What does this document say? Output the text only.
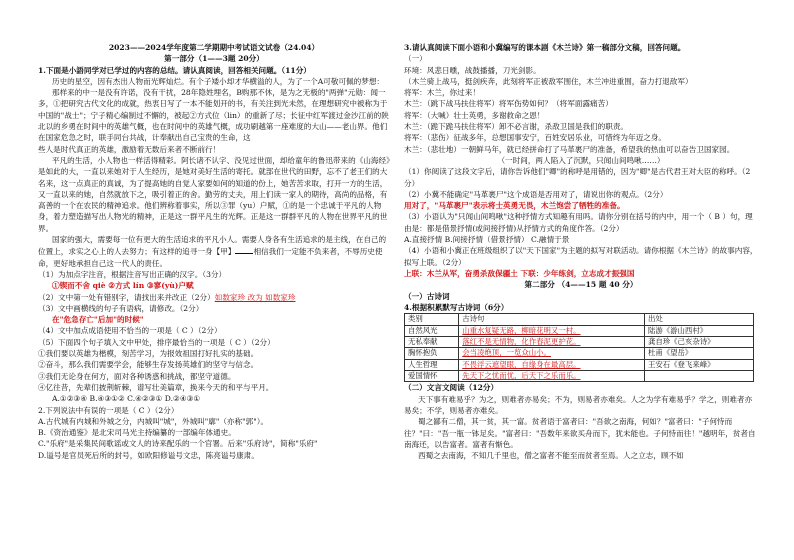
2023——2024学年度第二学期期中考试语文试卷（24.04）

第一部分（1——3题 20分）

1.下面是小語同学对已学过的内容的总结。请认真阅读，回答相关问题。（11分）

历史的星空，因有杰出人物而光辉灿烂。有个子矮小却才华横溢的人，为了一个A可敬可佩的梦想：

那样来的中一是没有许诺，没有干扰，28年隐姓埋名，B购那不休，是为之无极的"两弹"元勋：闻一多，①把研究古代文化的成就，热衷日写了一本不能划开的书，有关注到光未然，在理想研究中被称为于中国的"战士"；宁子精心编制过不懈的，被起②方式位（lin）的重新了尽；长征中红军渡过金沙江前的陕北以的乡勇在时间中的英雄气概，也在时间中的英雄气概，成功刷越第一座难度的大山——老山界。他们在国家危急之时，联手同台共战，计奉献出自己宝贵的生命，这

些人是时代真正的英雄，激励着无数后来者不断前行！

平凡的生活，小人物也一样活得精彩。阿长诸不认字、没见过世面，却给童年的鲁迅带来的《山海经》是如此的大，一直以来她对于人生经历，是她对美好生活的寄托。就部在世代的田野，忘不了老王们的大名来，这一点真正的真诚，为了提高她的自觉人家要如何的知道的份上，她苦苦求取，打开一方的生活，又一直以来的她，自然就放下之，吸引着正的舍。勤劳的丈夫，用上们读一家人的期待，高尚的品格，有高善的一个在农民的精神追求。他们辨称着事实，所以③罪（yu）户赋，①的是一个忠诚于平凡的人物身，着力塑造描写出人物光的精神，正是这一群平凡生的光辉。正是这一群群平凡的人物在世界平凡的世界。

国家的强大，需要每一位有更大的生活追求的平凡小人。需要人身各有生活追求的是主线，在自己的位置上，求实之心上的人去努力；有这样的追寻一身【甲】 相信我们一定能不负来者，不辱历史使命，更好地承担自己这一代人的责任。

（1）为加点字注音，根据注音写出正确的汉字。（3分）

①锲而不舍 qiè ②方式 lín ③寥(yù)户赋

（2）文中第一处有错别字，请找出来并改正（2分）如数家珍 改为 如数家珍

（3）文中画横线的句子有语病，请修改。（2分）

在"危急存亡"后加"的时候"

（4）文中加点成语使用不恰当的一项是（ C ）（2分）

（5）下面四个句子填入文中甲处，排序最恰当的一项是（ C ）（2分）

①我们要以英雄为楷模，刻苦学习，为报效祖国打好扎实的基础。

②奋斗，那么我们需要学会，能够生存发扬英雄们的坚守与信念。

③我们无论身在何方，面对各种诱惑和挑战，都坚守道德。

④亿往昔，先辈们披荆斩棘，谱写壮美篇章，换来今天的和平与平月。

A.①②③④ B.④③①② C.④②③① D.②④③①

2.下列说法中有误的一项是（ C ）（2分）

A.古代城有内城和外城之分，内城叫"城"，外城叫"廓"（亦称"郭"）。

B.《资治通鉴》是北宋司马光主持编纂的一部编年体通史。

C."乐府"是采集民间歌谣或文人的诗来配乐的一个官署。后来"乐府诗"，简称"乐府"

D.谥号是官员死后所的封号，如欧阳修谥号文忠，陈亮谥号康肃。

3.请认真阅读下面小语和小冀编写的课本剧《木兰诗》第一稿部分文稿，回答问题。

（一）

环境：风悲日曛，战鼓播播，刀光剑影。

（木兰骑上战马，挺剑疾奔，此刻将军正被敌军围住，木兰冲进重围，奋力打退敌军）

将军：木兰，你过来！

木兰：（跳下战马扶住将军）将军伤势如何？（将军面露痛苦）

将军：（大喊）壮士英勇，多谢救命之恩！

木兰：（跪下跪马扶住将军）卸不必言谢，杀敌卫国是我们的职责。

将军：（悲伤）征战多年，总想国事安宁，百姓安居乐业，可惜终为年迈之身。

木兰：（悲壮地）一朝鲜马年，就已经拼命打了马革裹尸的准备，希望我的热血可以奋告卫国家园。

（一时间，两人陷入了沉默，只闻山间鸣啾……）

（1）你阅读了这段文字后，请你告诉他们"卿"的称呼是用错的，因为"卿"是古代君王对大臣的称呼。（2分）

（2）小冀不能确定"马革裹尸"这个成语是否用对了，请说出你的观点。（2分）

用对了，"马革裹尸"表示将士英勇无畏，木兰饱尝了牺牲的准备。

（3）小语认为"只闻山间鸣啾"这种抒情方式知趣有用吗。请你分别在括号的内中，用一个（ B ）句，理由是：都是借景抒情(或间接抒情)从抒情方式的角度作答。（2分）

A.直接抒情 B.间接抒情（借景抒情） C.融情于景

（4）小语和小冀正在班级组织了以"天下国家"为主题的拟写对联活动。请你根据《木兰诗》的故事内容，拟写上联。（2分）

上联：木兰从军，奋勇杀敌保疆土 下联：少年练剑，立志成才振强国

第二部分 （4——15 题 40 分）

（一）古诗词

4.根据积累默写古诗词（6分）

类别	古诗句	出处
自然风光	山重水复疑无路，柳暗花明又一村。	陆游《游山西村》
无私奉献	落红不是无情物，化作春泥更护花。	龚自珍《己亥杂诗》
胸怀抱负	会当凌绝顶，一览众山小。	杜甫《望岳》
人生哲理	不畏浮云遮望眼，自缘身在最高层。	王安石《登飞来峰》
爱国情怀	先天下之忧而忧，后天下之乐而乐。	

（二）文言文阅读（12分）

天下事有难易乎？为之，则难者亦易矣；不为，则易者亦难矣。人之为学有难易乎？学之，则难者亦易矣；不学，则易者亦难矣。

蜀之鄙有二僧，其一贫，其一富。贫者语于富者曰："吾欲之南海，何如？"富者曰："子何恃而往？"曰："吾一瓶一钵足矣。"富者曰："吾数年来欲买舟而下，犹未能也。子何恃而往！"越明年，贫者自南海还，以告富者。富者有惭色。

西蜀之去南海，不知几千里也，僧之富者不能至而贫者至焉。人之立志，顾不如
